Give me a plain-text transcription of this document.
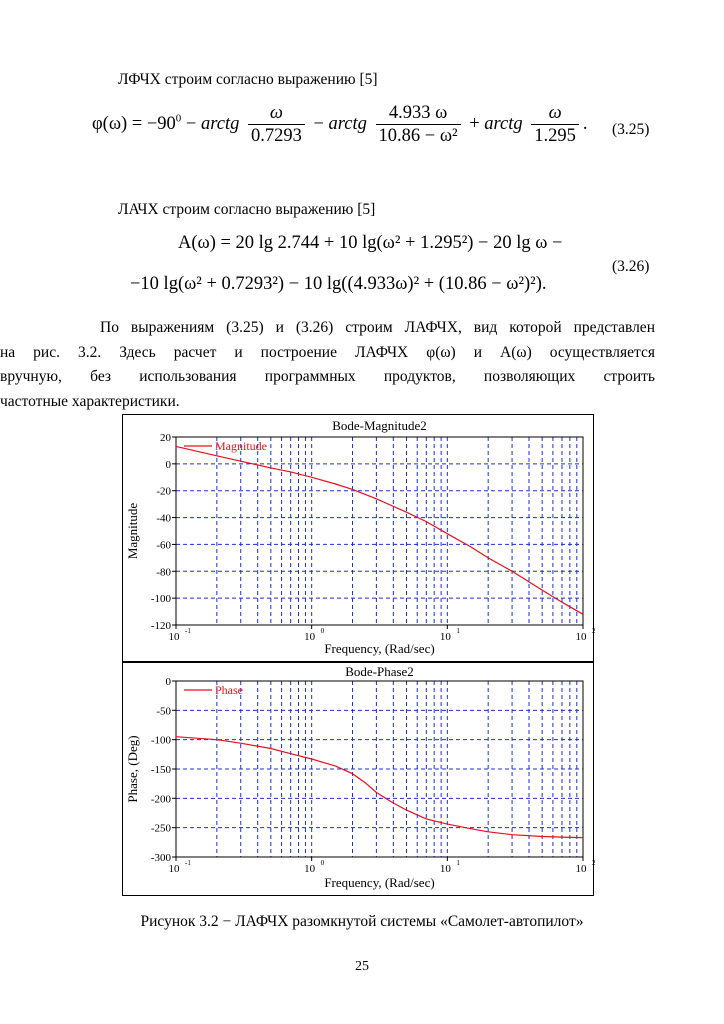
ЛФЧХ строим согласно выражению [5]
$\varphi(\omega) = -90^0$ − arctg $\frac{\omega}{0.7293}$ − arctg $\frac{4.933 \omega}{\text{10.86 − ω²}}$ + arctg $\frac{\omega}{1.295}$ . (3.25)
ЛАЧХ строим согласно выражению [5]
A(ω) = 20 lg 2.744 + 10 lg(ω² + 1.295²) − 20 lg ω −
−10 lg(ω² + 0.7293²) − 10 lg((4.933ω)² + (10.86 − ω²)²).
(3.26)
По выражениям (3.25) и (3.26) строим ЛАФЧХ, вид которой представлен
на рис. 3.2. Здесь расчет и построение ЛАФЧХ φ(ω) и A(ω) осуществляется
вручную, без использования программных продуктов, позволяющих строить
частотные характеристики.
Bode-Magnitude2
20
0
-20
-40
-60
-80
-100
-120
10 -1	10 0	10 1	10 2
Frequency, (Rad/sec)
Magnitude
Magnitude
Bode-Phase2
0
-50
-100
-150
-200
-250
-300
10 -1	10 0	10 1	10 2
Frequency, (Rad/sec)
Phase, (Deg)
Phase
Рисунок 3.2 − ЛАФЧХ разомкнутой системы «Самолет-автопилот»
25
